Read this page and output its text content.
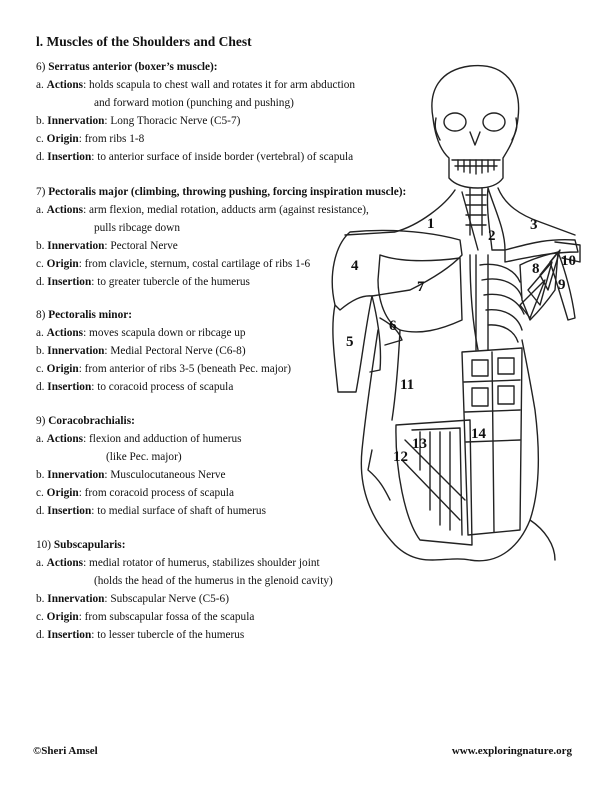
l. Muscles of the Shoulders and Chest
6) Serratus anterior (boxer’s muscle):
a. Actions: holds scapula to chest wall and rotates it for arm abduction
and forward motion (punching and pushing)
b. Innervation: Long Thoracic Nerve (C5-7)
c. Origin: from ribs 1-8
d. Insertion: to anterior surface of inside border (vertebral) of scapula
7) Pectoralis major (climbing, throwing pushing, forcing inspiration muscle):
a. Actions: arm flexion, medial rotation, adducts arm (against resistance),
pulls ribcage down
b. Innervation: Pectoral Nerve
c. Origin: from clavicle, sternum, costal cartilage of ribs 1-6
d. Insertion: to greater tubercle of the humerus
8) Pectoralis minor:
a. Actions: moves scapula down or ribcage up
b. Innervation: Medial Pectoral Nerve (C6-8)
c. Origin: from anterior of ribs 3-5 (beneath Pec. major)
d. Insertion: to coracoid process of scapula
9) Coracobrachialis:
a. Actions: flexion and adduction of humerus
(like Pec. major)
b. Innervation: Musculocutaneous Nerve
c. Origin: from coracoid process of scapula
d. Insertion: to medial surface of shaft of humerus
10) Subscapularis:
a. Actions: medial rotator of humerus, stabilizes shoulder joint
(holds the head of the humerus in the glenoid cavity)
b. Innervation: Subscapular Nerve (C5-6)
c. Origin: from subscapular fossa of the scapula
d. Insertion: to lesser tubercle of the humerus
1
2
3
4
5
6
7
8
9
10
11
12
13
14
©Sheri Amsel	www.exploringnature.org
